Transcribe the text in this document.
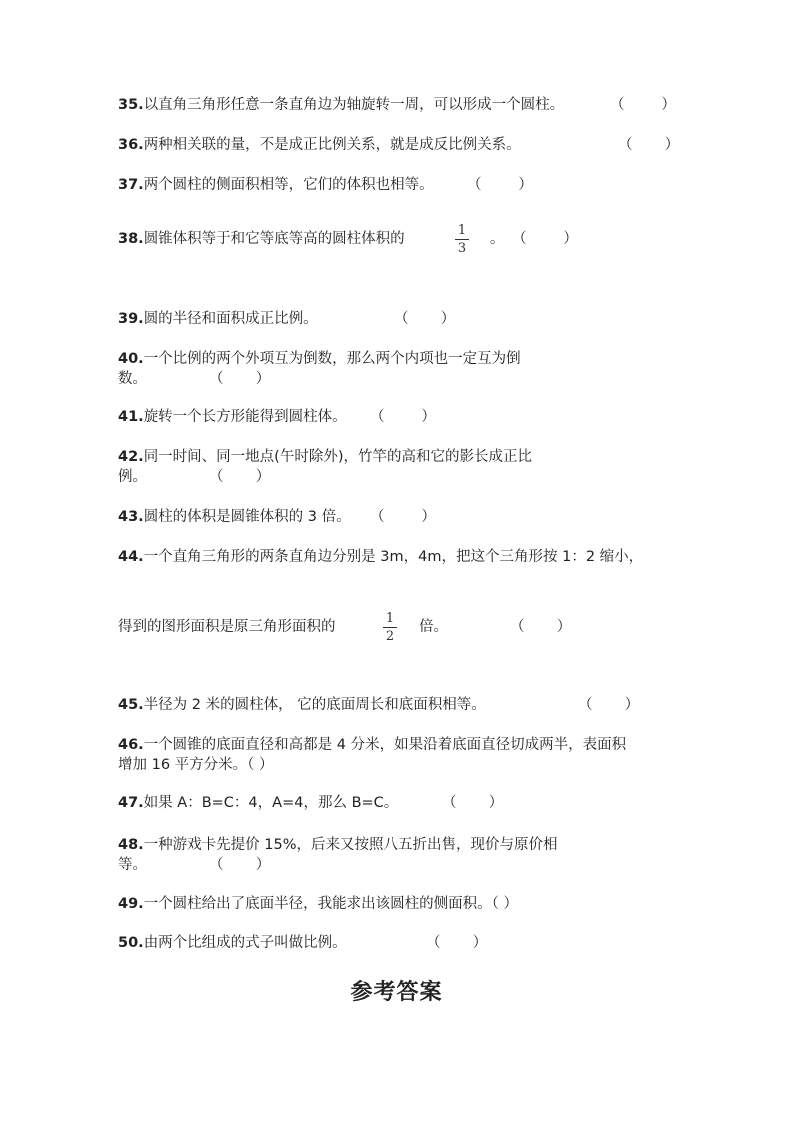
35.以直角三角形任意一条直角边为轴旋转一周，可以形成一个圆柱。	（        ）
36.两种相关联的量，不是成正比例关系，就是成反比例关系。	（       ）
37.两个圆柱的侧面积相等，它们的体积也相等。 （        ）
38.圆锥体积等于和它等底等高的圆柱体积的
1
3
。 （        ）
39.圆的半径和面积成正比例。	（       ）
40.一个比例的两个外项互为倒数，那么两个内项也一定互为倒
数。	（       ）
41.旋转一个长方形能得到圆柱体。 （        ）
42.同一时间、同一地点(午时除外)，竹竿的高和它的影长成正比
例。	（       ）
43.圆柱的体积是圆锥体积的 3 倍。 （        ）
44.一个直角三角形的两条直角边分别是 3m，4m，把这个三角形按 1：2 缩小，
得到的图形面积是原三角形面积的
1
2
倍。	（       ）
45.半径为 2 米的圆柱体， 它的底面周长和底面积相等。	（       ）
46.一个圆锥的底面直径和高都是 4 分米，如果沿着底面直径切成两半，表面积
增加 16 平方分米。（ ）
47.如果 A：B=C：4，A=4，那么 B=C。	（       ）
48.一种游戏卡先提价 15%，后来又按照八五折出售，现价与原价相
等。	（       ）
49.一个圆柱给出了底面半径，我能求出该圆柱的侧面积。（ ）
50.由两个比组成的式子叫做比例。	（       ）
参考答案
